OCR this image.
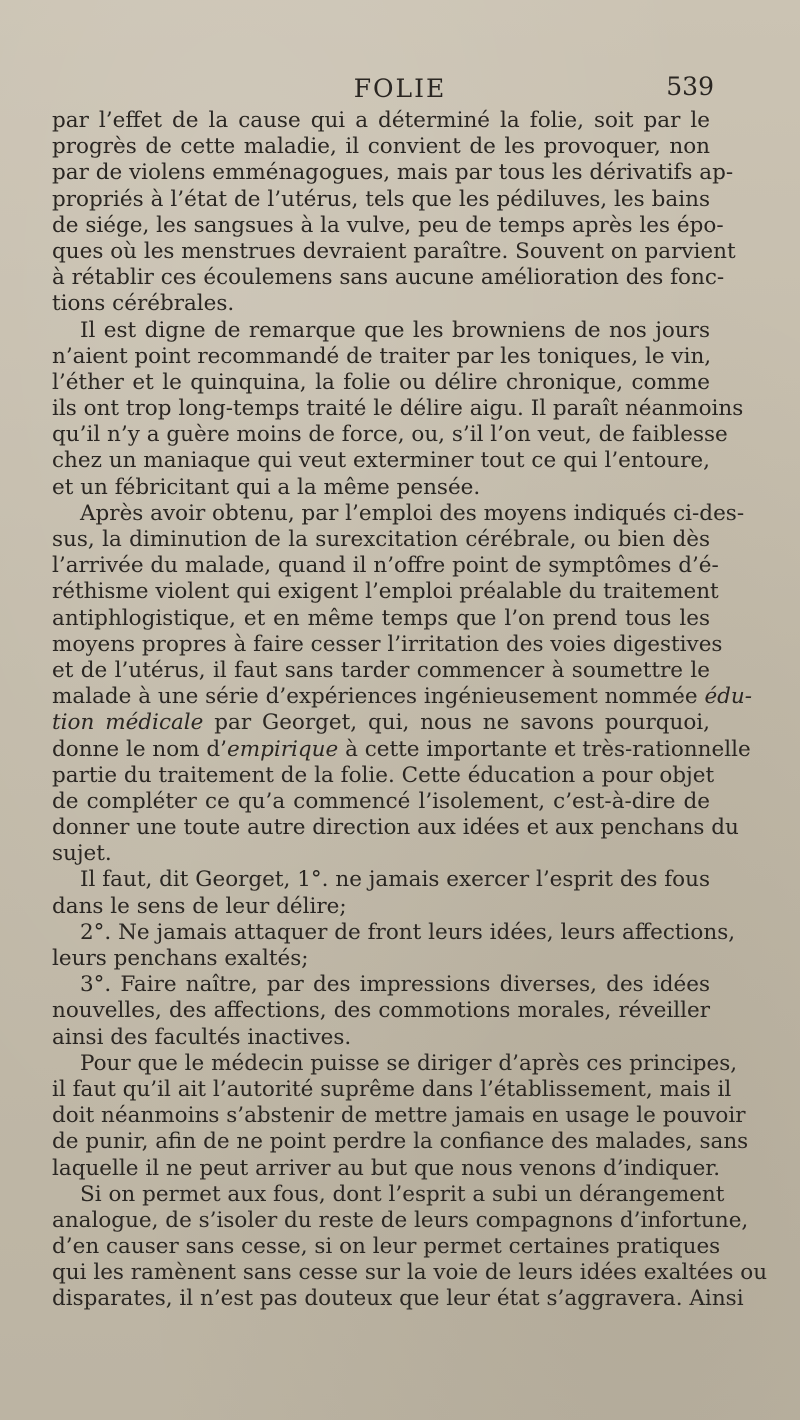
FOLIE	539
par l’effet de la cause qui a déterminé la folie, soit par le
progrès de cette maladie, il convient de les provoquer, non
par de violens emménagogues, mais par tous les dérivatifs ap-
propriés à l’état de l’utérus, tels que les pédiluves, les bains
de siége, les sangsues à la vulve, peu de temps après les épo-
ques où les menstrues devraient paraître. Souvent on parvient
à rétablir ces écoulemens sans aucune amélioration des fonc-
tions cérébrales.
Il est digne de remarque que les browniens de nos jours
n’aient point recommandé de traiter par les toniques, le vin,
l’éther et le quinquina, la folie ou délire chronique, comme
ils ont trop long-temps traité le délire aigu. Il paraît néanmoins
qu’il n’y a guère moins de force, ou, s’il l’on veut, de faiblesse
chez un maniaque qui veut exterminer tout ce qui l’entoure,
et un fébricitant qui a la même pensée.
Après avoir obtenu, par l’emploi des moyens indiqués ci-des-
sus, la diminution de la surexcitation cérébrale, ou bien dès
l’arrivée du malade, quand il n’offre point de symptômes d’é-
réthisme violent qui exigent l’emploi préalable du traitement
antiphlogistique, et en même temps que l’on prend tous les
moyens propres à faire cesser l’irritation des voies digestives
et de l’utérus, il faut sans tarder commencer à soumettre le
malade à une série d’expériences ingénieusement nommée édu-
tion médicale par Georget, qui, nous ne savons pourquoi,
donne le nom d’empirique à cette importante et très-rationnelle
partie du traitement de la folie. Cette éducation a pour objet
de compléter ce qu’a commencé l’isolement, c’est-à-dire de
donner une toute autre direction aux idées et aux penchans du
sujet.
Il faut, dit Georget, 1°. ne jamais exercer l’esprit des fous
dans le sens de leur délire;
2°. Ne jamais attaquer de front leurs idées, leurs affections,
leurs penchans exaltés;
3°. Faire naître, par des impressions diverses, des idées
nouvelles, des affections, des commotions morales, réveiller
ainsi des facultés inactives.
Pour que le médecin puisse se diriger d’après ces principes,
il faut qu’il ait l’autorité suprême dans l’établissement, mais il
doit néanmoins s’abstenir de mettre jamais en usage le pouvoir
de punir, afin de ne point perdre la confiance des malades, sans
laquelle il ne peut arriver au but que nous venons d’indiquer.
Si on permet aux fous, dont l’esprit a subi un dérangement
analogue, de s’isoler du reste de leurs compagnons d’infortune,
d’en causer sans cesse, si on leur permet certaines pratiques
qui les ramènent sans cesse sur la voie de leurs idées exaltées ou
disparates, il n’est pas douteux que leur état s’aggravera. Ainsi
